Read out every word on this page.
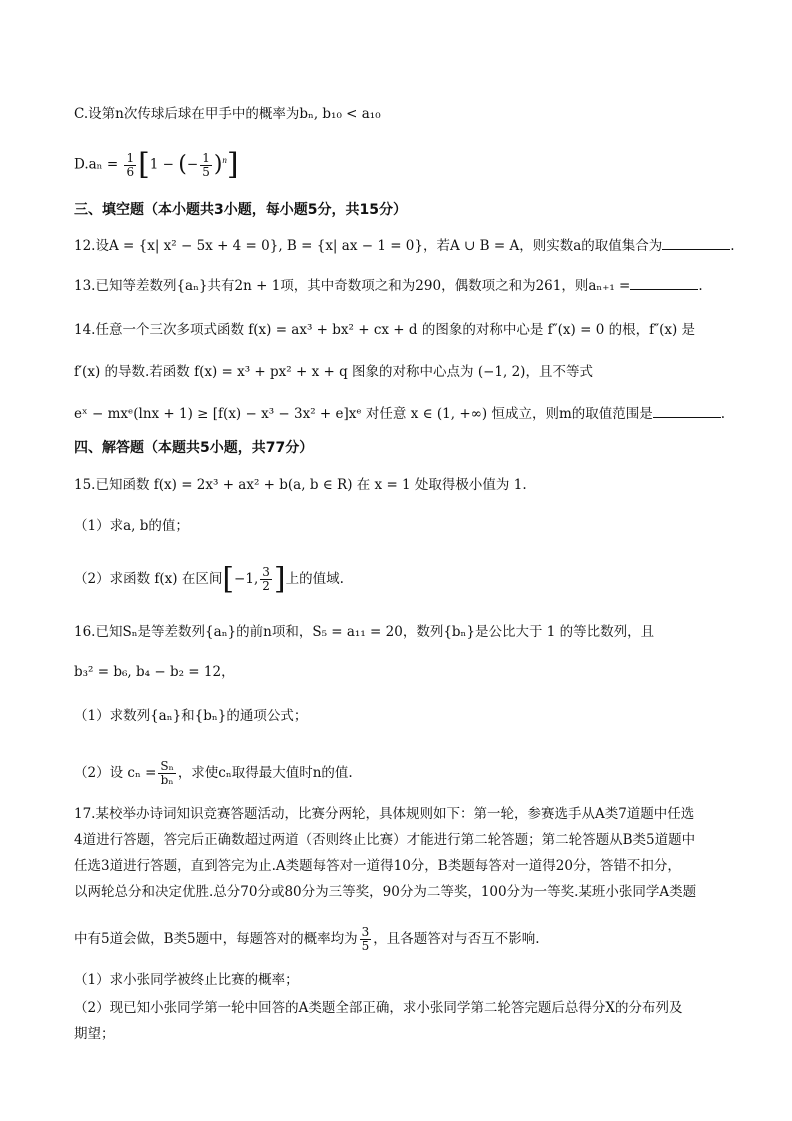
C.设第n次传球后球在甲手中的概率为bₙ, b₁₀ < a₁₀
$D.a_n = \frac{1}{6} [1$ − (− $\frac{1}{5} )^n$]
三、填空题（本小题共3小题，每小题5分，共15分）
12.设A = {x| x² − 5x + 4 = 0}, B = {x| ax − 1 = 0}，若A ∪ B = A，则实数a的取值集合为	.
13.已知等差数列{aₙ}共有2n + 1项，其中奇数项之和为290，偶数项之和为261，则aₙ₊₁ =	.
14.任意一个三次多项式函数 f(x) = ax³ + bx² + cx + d 的图象的对称中心是 f″(x) = 0 的根，f″(x) 是
f′(x) 的导数.若函数 f(x) = x³ + px² + x + q 图象的对称中心点为 (−1, 2)，且不等式
eˣ − mxᵉ(lnx + 1) ≥ [f(x) − x³ − 3x² + e]xᵉ 对任意 x ∈ (1, +∞) 恒成立，则m的取值范围是	.
四、解答题（本题共5小题，共77分）
15.已知函数 f(x) = 2x³ + ax² + b(a, b ∈ R) 在 x = 1 处取得极小值为 1.
（1）求a, b的值；
（2）求函数 f(x) 在区间[−1, $\frac{3}{2}$ ]上的值域.
16.已知Sₙ是等差数列{aₙ}的前n项和，S₅ = a₁₁ = 20，数列{bₙ}是公比大于 1 的等比数列，且
b₃² = b₆, b₄ − b₂ = 12，
（1）求数列{aₙ}和{bₙ}的通项公式；
（2）设 $c_n = \frac{\text{Sₙ}}{\text{bₙ}}$ ，求使cₙ取得最大值时n的值.
17.某校举办诗词知识竞赛答题活动，比赛分两轮，具体规则如下：第一轮，参赛选手从A类7道题中任选
4道进行答题，答完后正确数超过两道（否则终止比赛）才能进行第二轮答题；第二轮答题从B类5道题中
任选3道进行答题，直到答完为止.A类题每答对一道得10分，B类题每答对一道得20分，答错不扣分，
以两轮总分和决定优胜.总分70分或80分为三等奖，90分为二等奖，100分为一等奖.某班小张同学A类题
中有5道会做，B类5题中，每题答对的概率均为 $\frac{3}{5}$ ，且各题答对与否互不影响.
（1）求小张同学被终止比赛的概率；
（2）现已知小张同学第一轮中回答的A类题全部正确，求小张同学第二轮答完题后总得分X的分布列及
期望；
